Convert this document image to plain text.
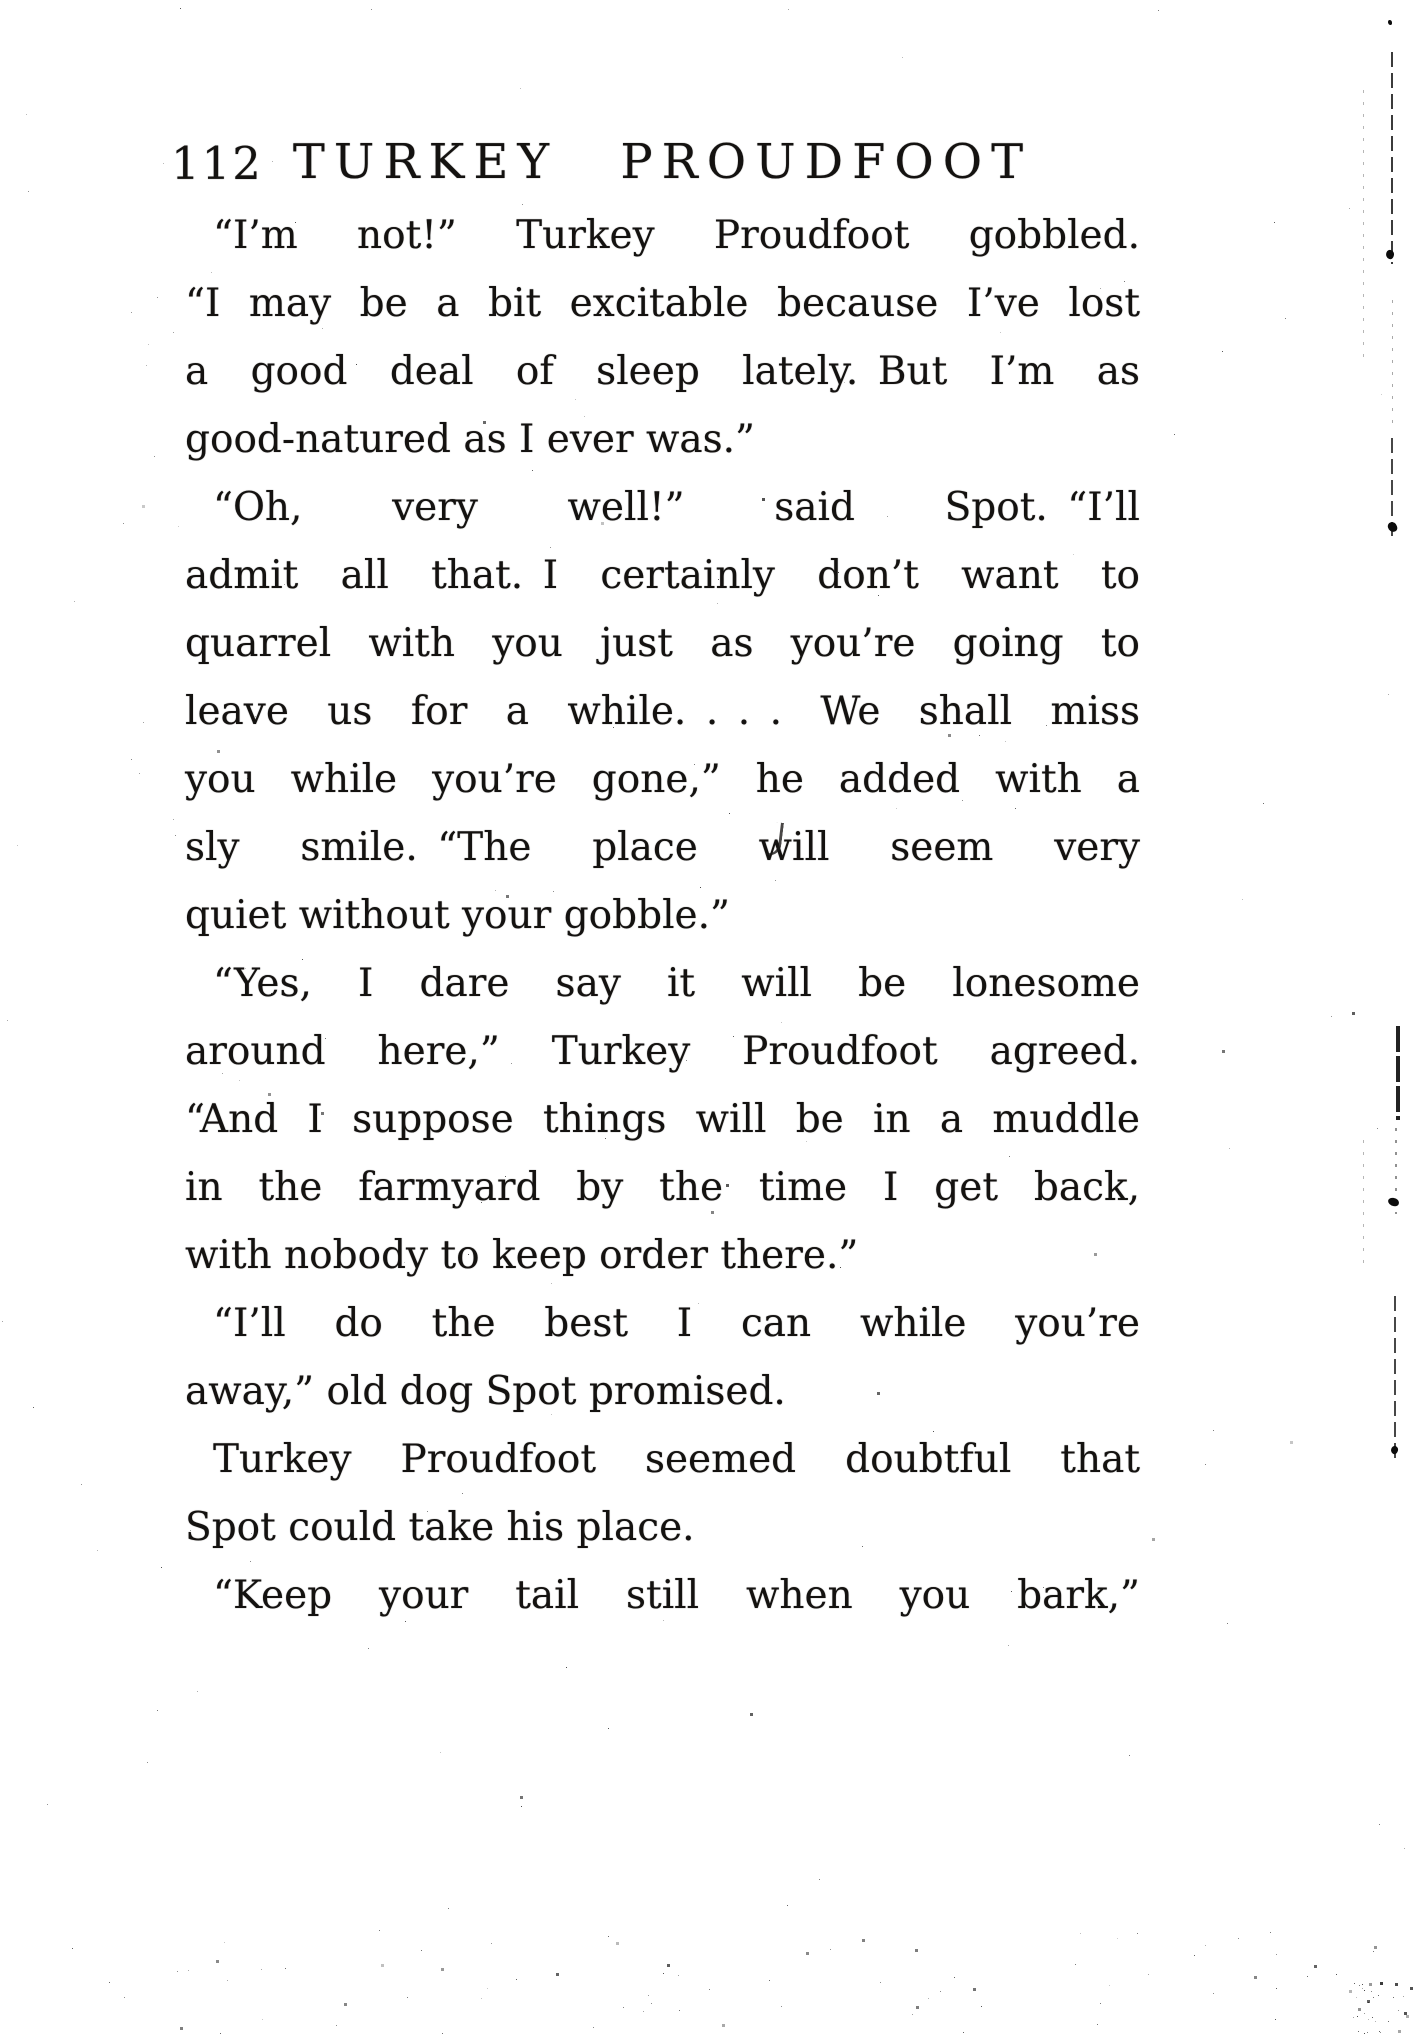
112 TURKEY PROUDFOOT
“I’m not!” Turkey Proudfoot gobbled.
“I may be a bit excitable because I’ve lost
a good deal of sleep lately. But I’m as
good-natured as I ever was.”
“Oh, very well!” said Spot. “I’ll
admit all that. I certainly don’t want to
quarrel with you just as you’re going to
leave us for a while. . . . We shall miss
you while you’re gone,” he added with a
sly smile. “The place will seem very
quiet without your gobble.”
“Yes, I dare say it will be lonesome
around here,” Turkey Proudfoot agreed.
“And I suppose things will be in a muddle
in the farmyard by the time I get back,
with nobody to keep order there.”
“I’ll do the best I can while you’re
away,” old dog Spot promised.
Turkey Proudfoot seemed doubtful that
Spot could take his place.
“Keep your tail still when you bark,”
